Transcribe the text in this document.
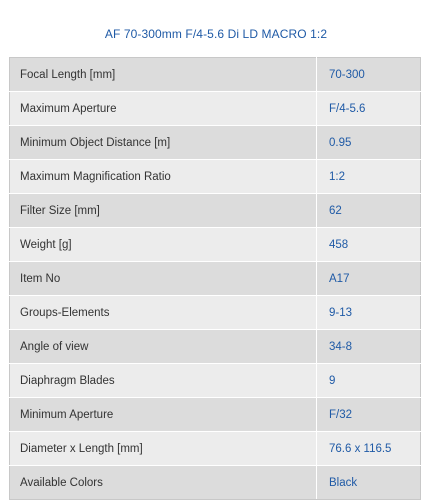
AF 70-300mm F/4-5.6 Di LD MACRO 1:2
Focal Length [mm]	70-300
Maximum Aperture	F/4-5.6
Minimum Object Distance [m]	0.95
Maximum Magnification Ratio	1:2
Filter Size [mm]	62
Weight [g]	458
Item No	A17
Groups-Elements	9-13
Angle of view	34-8
Diaphragm Blades	9
Minimum Aperture	F/32
Diameter x Length [mm]	76.6 x 116.5
Available Colors	Black
